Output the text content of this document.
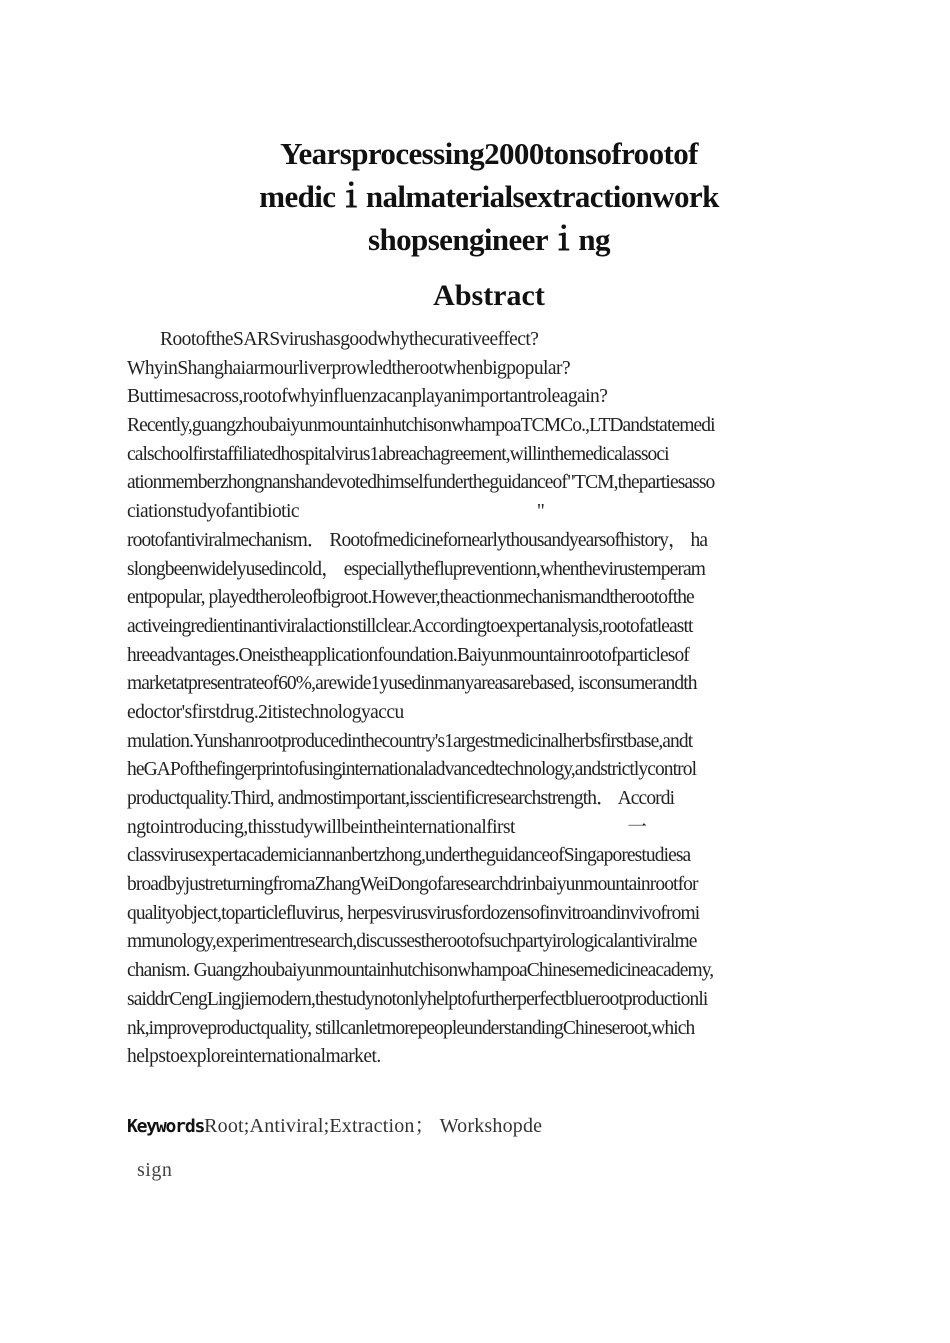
Yearsprocessing2000tonsofrootof
medicｉnalmaterialsextractionwork
shopsengineerｉng
Abstract
RootoftheSARSvirushasgoodwhythecurativeeffect?
WhyinShanghaiarmourliverprowledtherootwhenbigpopular?
Buttimesacross,rootofwhyinfluenzacanplayanimportantroleagain?
Recently,guangzhoubaiyunmountainhutchisonwhampoaTCMCo.,LTDandstatemedi
calschoolfirstaffiliatedhospitalvirus1abreachagreement,willinthemedicalassoci
ationmemberzhongnanshandevotedhimselfundertheguidanceof"TCM,thepartiesasso
ciationstudyofantibiotic                                                       "
rootofantiviralmechanism． Rootofmedicinefornearlythousandyearsofhistory， ha
slongbeenwidelyusedincold， especiallytheflupreventionn,whenthevirustemperam
entpopular, playedtheroleofbigroot.However,theactionmechanismandtherootofthe
activeingredientinantiviralactionstillclear.Accordingtoexpertanalysis,rootofatleastt
hreeadvantages.Oneistheapplicationfoundation.Baiyunmountainrootofparticlesof
marketatpresentrateof60%,arewide1yusedinmanyareasarebased, isconsumerandth
edoctor'sfirstdrug.2itistechnologyaccu
mulation.Yunshanrootproducedinthecountry's1argestmedicinalherbsfirstbase,andt
heGAPofthefingerprintofusinginternationaladvancedtechnology,andstrictlycontrol
productquality.Third, andmostimportant,isscientificresearchstrength． Accordi
ngtointroducing,thisstudywillbeintheinternationalfirst                          一
classvirusexpertacademiciannanbertzhong,undertheguidanceofSingaporestudiesa
broadbyjustreturningfromaZhangWeiDongofaresearchdrinbaiyunmountainrootfor
qualityobject,toparticlefluvirus, herpesvirusvirusfordozensofinvitroandinvivofromi
mmunology,experimentresearch,discussestherootofsuchpartyirologicalantiviralme
chanism. GuangzhoubaiyunmountainhutchisonwhampoaChinesemedicineacademy,
saiddrCengLingjiemodern,thestudynotonlyhelptofurtherperfectbluerootproductionli
nk,improveproductquality, stillcanletmorepeopleunderstandingChineseroot,which
helpstoexploreinternationalmarket.
KeywordsRoot;Antiviral;Extraction； Workshopde
sign
